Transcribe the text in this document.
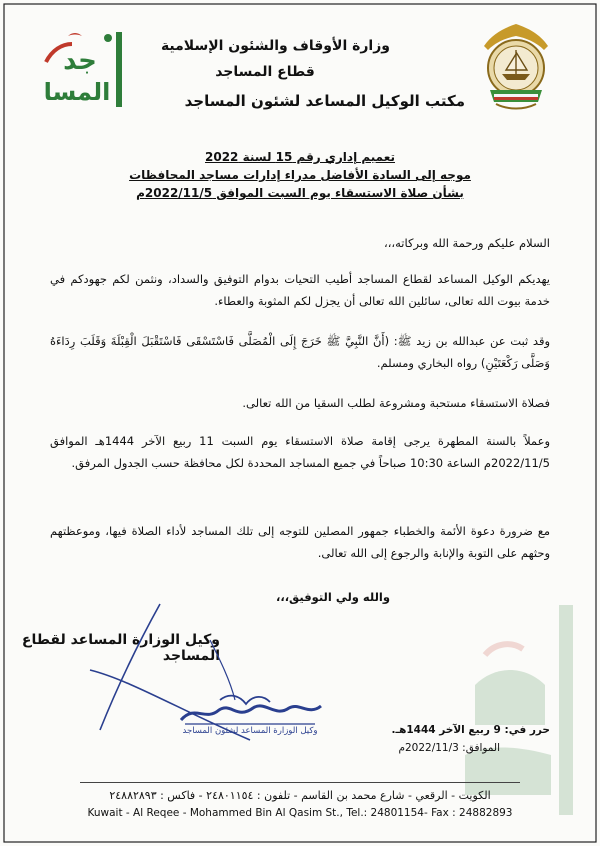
وزارة الأوقاف والشئون الإسلامية
قطاع المساجد
مكتب الوكيل المساعد لشئون المساجد
جد
المسا
تعميم إداري رقم 15 لسنة 2022
موجه إلى السادة الأفاضل مدراء إدارات مساجد المحافظات
بشأن صلاة الاستسقاء يوم السبت الموافق 2022/11/5م
السلام عليكم ورحمة الله وبركاته،،،
يهديكم الوكيل المساعد لقطاع المساجد أطيب التحيات بدوام التوفيق والسداد، ونثمن لكم جهودكم في خدمة بيوت الله تعالى، سائلين الله تعالى أن يجزل لكم المثوبة والعطاء.
وقد ثبت عن عبدالله بن زيد ﷺ: (أَنَّ النَّبِيَّ ﷺ خَرَجَ إِلَى الْمُصَلَّى فَاسْتَسْقَى فَاسْتَقْبَلَ الْقِبْلَةَ وَقَلَبَ رِدَاءَهُ وَصَلَّى رَكْعَتَيْنِ) رواه البخاري ومسلم.
فصلاة الاستسقاء مستحبة ومشروعة لطلب السقيا من الله تعالى.
وعملاً بالسنة المطهرة يرجى إقامة صلاة الاستسقاء يوم السبت 11 ربيع الآخر 1444هـ الموافق 2022/11/5م الساعة 10:30 صباحاً في جميع المساجد المحددة لكل محافظة حسب الجدول المرفق.
مع ضرورة دعوة الأئمة والخطباء جمهور المصلين للتوجه إلى تلك المساجد لأداء الصلاة فيها، وموعظتهم وحثهم على التوبة والإنابة والرجوع إلى الله تعالى.
والله ولي التوفيق،،،
وكيل الوزارة المساعد لقطاع المساجد
وكيل الوزارة المساعد لشئون المساجد	حرر في: 9 ربيع الآخر 1444هـ.
الموافق: 2022/11/3م
الكويت - الرقعي - شارع محمد بن القاسم - تلفون : ٢٤٨٠١١٥٤ - فاكس : ٢٤٨٨٢٨٩٣
Kuwait - Al Reqee - Mohammed Bin Al Qasim St., Tel.: 24801154- Fax : 24882893
